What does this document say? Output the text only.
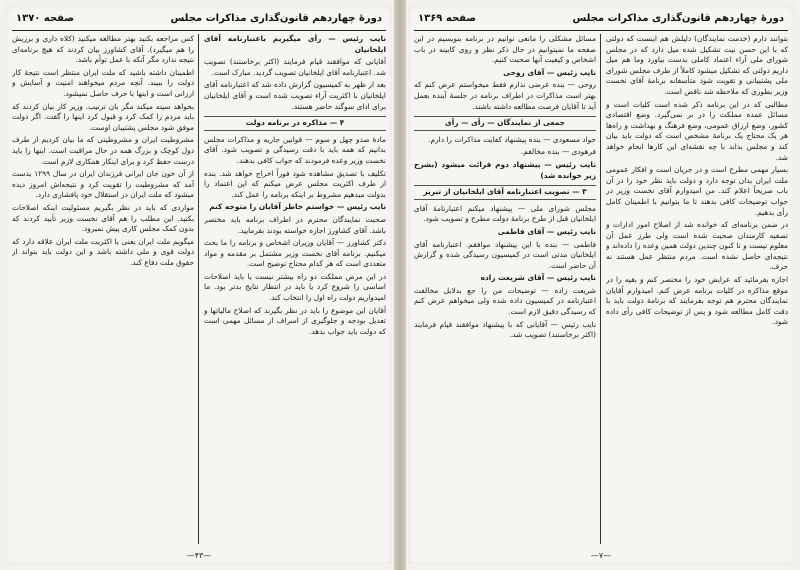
دورهٔ چهاردهم قانون‌گذاری مذاکرات مجلس
صفحه ۱۳۷۰

نایب رئیس — رأی میگیریم باعتبارنامه آقای ایلخانیان

آقایانی که موافقند قیام فرمایند (اکثر برخاستند) تصویب شد. اعتبارنامه آقای ایلخانیان تصویب گردید. مبارک است.

بعد از ظهر به کمیسیون گزارش داده شد که اعتبارنامه آقای ایلخانیان با اکثریت آراء تصویب شده است و آقای ایلخانیان برای ادای سوگند حاضر هستند.

۴ — مذاکره در برنامه دولت

مادهٔ صدو چهل و سوم — قوانین جاریه و مذاکرات مجلس بدانیم که همه باید با دقت رسیدگی و تصویب شود. آقای نخست وزیر وعده فرمودند که جواب کافی بدهند.

تکلیف با تصدیق مشاهده شود فوراً اخراج خواهد شد. بنده از طرف اکثریت مجلس عرض میکنم که این اعتماد را بدولت میدهیم مشروط بر اینکه برنامه را عمل کند.

نایب رئیس — خواستم خاطر آقایان را متوجه کنم

صحبت نمایندگان محترم در اطراف برنامه باید مختصر باشد. آقای کشاورز اجازه خواسته بودند بفرمایید.

دکتر کشاورز — آقایان وزیران اشخاص و برنامه را ما بحث میکنیم. برنامه آقای نخست وزیر مشتمل بر مقدمه و مواد متعددی است که هر کدام محتاج توضیح است.

در این مرض مملکت دو راه بیشتر نیست یا باید اصلاحات اساسی را شروع کرد یا باید در انتظار نتایج بدتر بود. ما امیدواریم دولت راه اول را انتخاب کند.

آقایان این موضوع را باید در نظر بگیرند که اصلاح مالیاتها و تعدیل بودجه و جلوگیری از اسراف از مسائل مهمی است که دولت باید جواب بدهد.

کس مراجعه بکنید بهتر مطالعه میکنید (کلاه داری و برزیش را هم میگیرد). آقای کشاورز بیان کردند که هیچ برنامه‌ای نتیجه ندارد مگر آنکه با عمل توأم باشد.

اطمینان داشته باشید که ملت ایران منتظر است نتیجهٔ کار دولت را ببیند. آنچه مردم میخواهند امنیت و آسایش و ارزانی است و اینها با حرف حاصل نمیشود.

بخواهد سینه میکند مگر بان ترتیب. وزیر کار بیان کردند که باید مردم را کمک کرد و قبول کرد اینها را گفت. اگر دولت موفق شود مجلس پشتیبان اوست.

مشروطیت ایران و مشروطیتی که ما بیان کردیم از طرف دول کوچک و بزرگ همه در حال مراقبت است. اینها را باید درست حفظ کرد و برای اینکار همکاری لازم است.

از آن خون جان ایرانی فرزندان ایران در سال ۱۲۹۹ بدست آمد که مشروطیت را تقویت کرد و نتیجه‌اش امروز دیده میشود که ملت ایران در استقلال خود پافشاری دارد.

مواردی که باید در نظر بگیریم مسئولیت اینکه اصلاحات بکنید. این مطلب را هم آقای نخست وزیر تأیید کردند که بدون کمک مجلس کاری پیش نمیرود.

میگویم ملت ایران یعنی با اکثریت ملت ایران علاقه دارد که دولت قوی و ملی داشته باشد و این دولت باید بتواند از حقوق ملت دفاع کند.

—۴۳—
دورهٔ چهاردهم قانون‌گذاری مذاکرات مجلس
صفحه ۱۳۶۹

بتوانند دارم (خدمت نمایندگان) دلیلش هم اینست که دولتی که با این حسن نیت تشکیل شده میل دارد که در مجلس شورای ملی آراء اعتماد کاملی بدست بیاورد وما هم میل داریم دولتی که تشکیل میشود کاملاً از طرف مجلس شورای ملی پشتیبانی و تقویت شود متأسفانه برنامهٔ آقای نخست وزیر بطوری که ملاحظه شد ناقص است.

مطالبی که در این برنامه ذکر شده است کلیات است و مسائل عمده مملکت را در بر نمی‌گیرد. وضع اقتصادی کشور، وضع ارزاق عمومی، وضع فرهنگ و بهداشت و راه‌ها هر یک محتاج یک برنامهٔ مشخص است که دولت باید بیان کند و مجلس بداند با چه نقشه‌ای این کارها انجام خواهد شد.

بسیار مهمی مطرح است و در جریان است و افکار عمومی ملت ایران بدان توجه دارد و دولت باید نظر خود را در آن باب صریحاً اعلام کند. من امیدوارم آقای نخست وزیر در جواب توضیحات کافی بدهند تا ما بتوانیم با اطمینان کامل رأی بدهیم.

در ضمن برنامه‌ای که خوانده شد از اصلاح امور ادارات و تصفیه کارمندان صحبت شده است ولی طرز عمل آن معلوم نیست و تا کنون چندین دولت همین وعده را داده‌اند و نتیجه‌ای حاصل نشده است. مردم منتظر عمل هستند نه حرف.

اجازه بفرمائید که عرایض خود را مختصر کنم و بقیه را در موقع مذاکره در کلیات برنامه عرض کنم. امیدوارم آقایان نمایندگان محترم هم توجه بفرمایند که برنامهٔ دولت باید با دقت کامل مطالعه شود و پس از توضیحات کافی رأی داده شود.

مسائل مشکلی را مانعی نوانیم در برنامه بنویسیم در این صفحه ما نمیتوانیم در حال ذکر نظر و روی کابینه در باب اشخاص و کیفیت آنها صحبت کنیم.

نایب رئیس — آقای روحی

روحی — بنده عرضی ندارم فقط میخواستم عرض کنم که بهتر است مذاکرات در اطراف برنامه در جلسهٔ آینده بعمل آید تا آقایان فرصت مطالعه داشته باشند.

جمعی از نمایندگان — رأی — رأی

جواد مسعودی — بنده پیشنهاد کفایت مذاکرات را دارم.

فرهودی — بنده مخالفم.

نایب رئیس — پیشنهاد دوم قرائت میشود (بشرح زیر خوانده شد)

۳ — تصویب اعتبارنامه آقای ایلخانیان از تبریز

مجلس شورای ملی — پیشنهاد میکنم اعتبارنامهٔ آقای ایلخانیان قبل از طرح برنامهٔ دولت مطرح و تصویب شود.

نایب رئیس — آقای فاطمی

فاطمی — بنده با این پیشنهاد موافقم. اعتبارنامه آقای ایلخانیان مدتی است در کمیسیون رسیدگی شده و گزارش آن حاضر است.

نایب رئیس — آقای شریعت زاده

شریعت زاده — توضیحات من را جع بدلایل مخالفت اعتبارنامه در کمیسیون داده شده ولی میخواهم عرض کنم که رسیدگی دقیق لازم است.

نایب رئیس — آقایانی که با پیشنهاد موافقند قیام فرمایند (اکثر برخاستند) تصویب شد.

—۷—
